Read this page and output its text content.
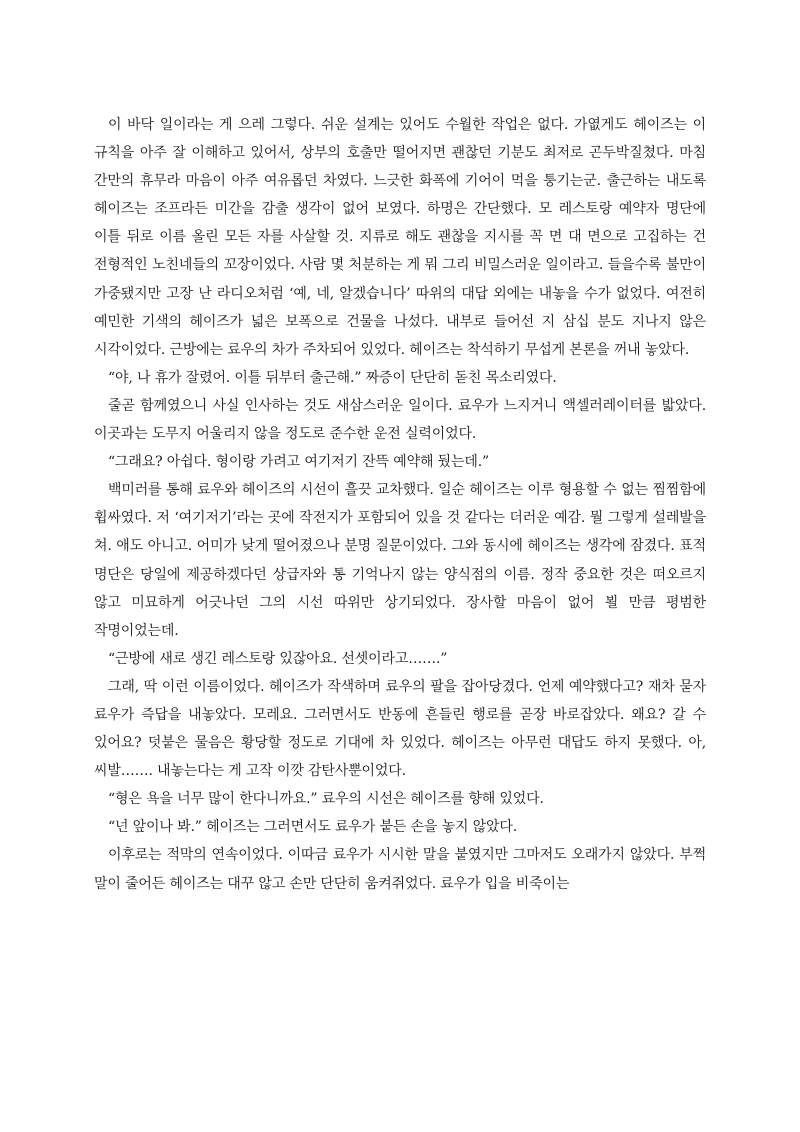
이 바닥 일이라는 게 으레 그렇다. 쉬운 설계는 있어도 수월한 작업은 없다. 가엾게도 헤이즈는 이 규칙을 아주 잘 이해하고 있어서, 상부의 호출만 떨어지면 괜찮던 기분도 최저로 곤두박질쳤다. 마침 간만의 휴무라 마음이 아주 여유롭던 차였다. 느긋한 화폭에 기어이 먹을 퉁기는군. 출근하는 내도록 헤이즈는 조프라든 미간을 감출 생각이 없어 보였다. 하명은 간단했다. 모 레스토랑 예약자 명단에 이틀 뒤로 이름 올린 모든 자를 사살할 것. 지류로 해도 괜찮을 지시를 꼭 면 대 면으로 고집하는 건 전형적인 노친네들의 꼬장이었다. 사람 몇 처분하는 게 뭐 그리 비밀스러운 일이라고. 들을수록 불만이 가중됐지만 고장 난 라디오처럼 ‘예, 네, 알겠습니다’ 따위의 대답 외에는 내놓을 수가 없었다. 여전히 예민한 기색의 헤이즈가 넓은 보폭으로 건물을 나섰다. 내부로 들어선 지 삼십 분도 지나지 않은 시각이었다. 근방에는 료우의 차가 주차되어 있었다. 헤이즈는 착석하기 무섭게 본론을 꺼내 놓았다.

“야, 나 휴가 잘렸어. 이틀 뒤부터 출근해.” 짜증이 단단히 돋친 목소리였다.

줄곧 함께였으니 사실 인사하는 것도 새삼스러운 일이다. 료우가 느지거니 액셀러레이터를 밟았다. 이곳과는 도무지 어울리지 않을 정도로 준수한 운전 실력이었다.

“그래요? 아쉽다. 형이랑 가려고 여기저기 잔뜩 예약해 뒀는데.”

백미러를 통해 료우와 헤이즈의 시선이 흘끗 교차했다. 일순 헤이즈는 이루 형용할 수 없는 찜찜함에 휩싸였다. 저 ‘여기저기’라는 곳에 작전지가 포함되어 있을 것 같다는 더러운 예감. 뭘 그렇게 설레발을 쳐. 애도 아니고. 어미가 낮게 떨어졌으나 분명 질문이었다. 그와 동시에 헤이즈는 생각에 잠겼다. 표적 명단은 당일에 제공하겠다던 상급자와 통 기억나지 않는 양식점의 이름. 정작 중요한 것은 떠오르지 않고 미묘하게 어긋나던 그의 시선 따위만 상기되었다. 장사할 마음이 없어 뵐 만큼 평범한 작명이었는데.

“근방에 새로 생긴 레스토랑 있잖아요. 선셋이라고…….”

그래, 딱 이런 이름이었다. 헤이즈가 작색하며 료우의 팔을 잡아당겼다. 언제 예약했다고? 재차 묻자 료우가 즉답을 내놓았다. 모레요. 그러면서도 반동에 흔들린 행로를 곧장 바로잡았다. 왜요? 갈 수 있어요? 덧붙은 물음은 황당할 정도로 기대에 차 있었다. 헤이즈는 아무런 대답도 하지 못했다. 아, 씨발……. 내놓는다는 게 고작 이깟 감탄사뿐이었다.

“형은 욕을 너무 많이 한다니까요.” 료우의 시선은 헤이즈를 향해 있었다.

“넌 앞이나 봐.” 헤이즈는 그러면서도 료우가 붙든 손을 놓지 않았다.

이후로는 적막의 연속이었다. 이따금 료우가 시시한 말을 붙였지만 그마저도 오래가지 않았다. 부쩍 말이 줄어든 헤이즈는 대꾸 않고 손만 단단히 움켜쥐었다. 료우가 입을 비죽이는
